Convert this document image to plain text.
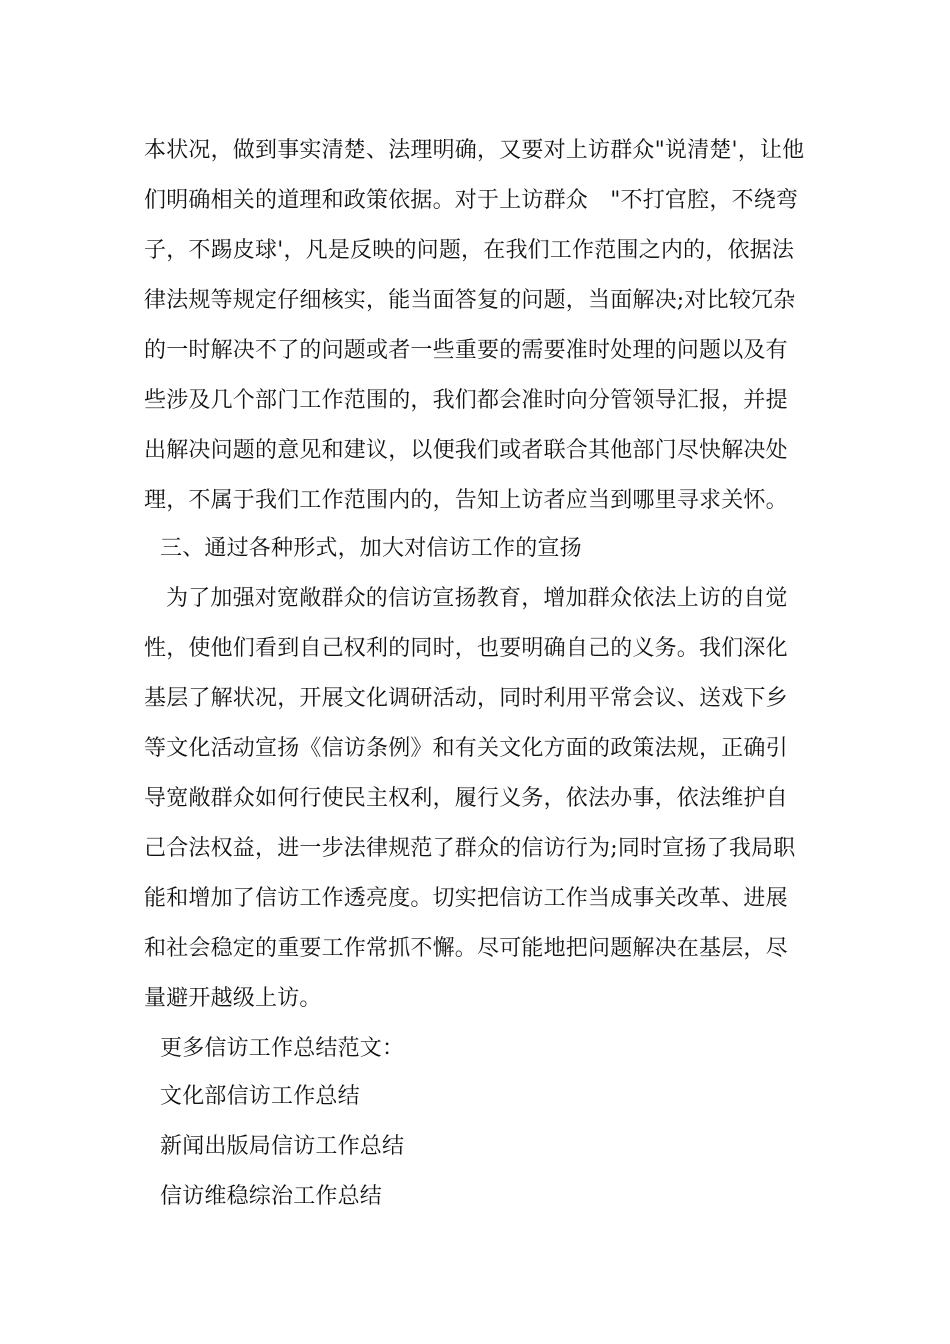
本状况，做到事实清楚、法理明确，又要对上访群众"说清楚'，让他
们明确相关的道理和政策依据。对于上访群众　"不打官腔，不绕弯
子，不踢皮球'，凡是反映的问题，在我们工作范围之内的，依据法
律法规等规定仔细核实，能当面答复的问题，当面解决;对比较冗杂
的一时解决不了的问题或者一些重要的需要准时处理的问题以及有
些涉及几个部门工作范围的，我们都会准时向分管领导汇报，并提
出解决问题的意见和建议，以便我们或者联合其他部门尽快解决处
理，不属于我们工作范围内的，告知上访者应当到哪里寻求关怀。
三、通过各种形式，加大对信访工作的宣扬
为了加强对宽敞群众的信访宣扬教育，增加群众依法上访的自觉
性，使他们看到自己权利的同时，也要明确自己的义务。我们深化
基层了解状况，开展文化调研活动，同时利用平常会议、送戏下乡
等文化活动宣扬《信访条例》和有关文化方面的政策法规，正确引
导宽敞群众如何行使民主权利，履行义务，依法办事，依法维护自
己合法权益，进一步法律规范了群众的信访行为;同时宣扬了我局职
能和增加了信访工作透亮度。切实把信访工作当成事关改革、进展
和社会稳定的重要工作常抓不懈。尽可能地把问题解决在基层，尽
量避开越级上访。
更多信访工作总结范文：
文化部信访工作总结
新闻出版局信访工作总结
信访维稳综治工作总结
